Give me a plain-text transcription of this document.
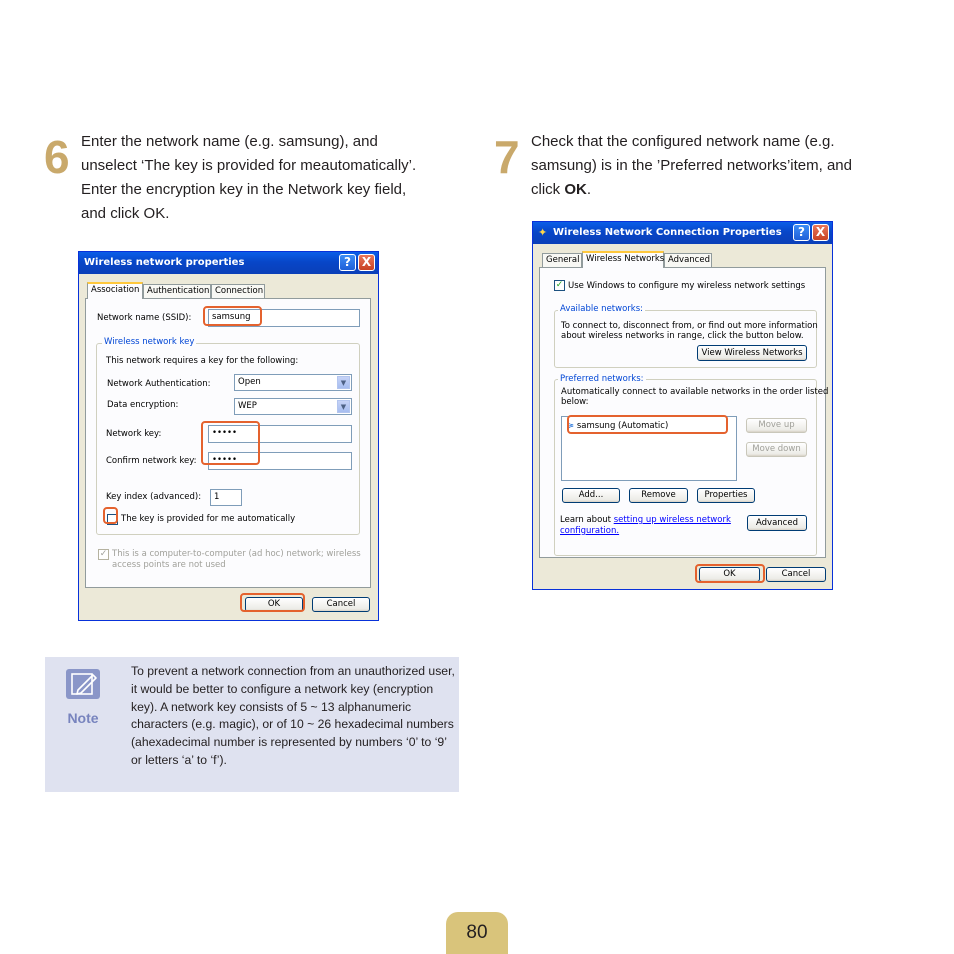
6 Enter the network name (e.g. samsung), and
unselect ‘The key is provided for meautomatically’.
Enter the encryption key in the Network key field,
and click OK.
7 Check that the configured network name (e.g.
samsung) is in the ’Preferred networks’item, and
click OK.
Wireless network properties	? X
Association Authentication Connection
Network name (SSID):	samsung
Wireless network key
This network requires a key for the following:
Network Authentication:	Open	▼
Data encryption:	WEP	▼
Network key:	•••••
Confirm network key:	•••••
Key index (advanced):	1
The key is provided for me automatically
✓ This is a computer-to-computer (ad hoc) network; wireless
access points are not used
OK	Cancel
Wireless Network Connection Properties
✦	? X
General Wireless Networks Advanced
✓ Use Windows to configure my wireless network settings
Available networks:
To connect to, disconnect from, or find out more information
about wireless networks in range, click the button below.
View Wireless Networks
Preferred networks:
Automatically connect to available networks in the order listed
below:
≽ samsung (Automatic)	Move up
Move down
Add...	Remove	Properties
Learn about setting up wireless network
configuration.
Advanced
OK	Cancel
Note
To prevent a network connection from an unauthorized user, it would be better to configure a network key (encryption key). A network key consists of 5 ~ 13 alphanumeric characters (e.g. magic), or of 10 ~ 26 hexadecimal numbers (ahexadecimal number is represented by numbers ‘0’ to ‘9’ or letters ‘a’ to ‘f’).
80
